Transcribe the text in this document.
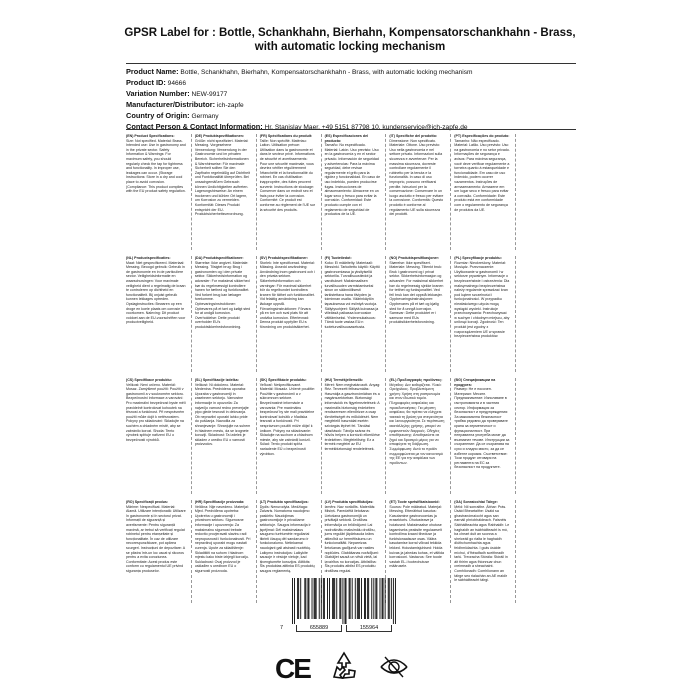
GPSR Label for : Bottle, Schankhahn, Bierhahn, Kompensatorschankhahn - Brass, with automatic locking mechanism
Product Name: Bottle, Schankhahn, Bierhahn, Kompensatorschankhahn - Brass, with automatic locking mechanism
Product ID: 94666
Variation Number: NEW-99177
Manufacturer/Distributor: ich-zapfe
Country of Origin: Germany
Contact Person & Contact Information: Hr. Stanislav Maer, +49 5151 87798 10, kundenservice@ich-zapfe.de
(EN) Product Specifications:
Size: Not specified. Material: Brass. Intended use: Use in gastronomy and in the private sector. Safety Information & Warnings: For maximum safety, you should regularly check the tap for tightness and functionality. In improper use, leakages can occur. (Storage Instructions: Store in a dry and cool place to avoid corrosion. (Compliance: This product complies with the EU product safety regulation.
(DE) Produktspezifikationen:
Größe: nicht spezifiziert. Material: Messing. Vorgesehene Verwendung: Verwendung in der Gastronomie und im privaten Bereich. Sicherheitsinformationen & Warnhinweise: Für maximale Sicherheit sollten Sie den Zapfhahn regelmäßig auf Dichtheit und Funktionalität überprüfen. Bei unsachgemäßem Gebrauch können Undichtigkeiten auftreten. Lagerungshinweise: An einem trockenen und kühlen Ort lagern, um Korrosion zu vermeiden. Konformität: Dieses Produkt entspricht der EU-Produktsicherheitsverordnung.
(FR) Spécifications du produit:
Taille: Non spécifié. Matériau: Laiton. Utilisation prévue: Utilisation dans la gastronomie et dans le secteur privé. Informations de sécurité et avertissements: Pour une sécurité maximale, vous devriez vérifier régulièrement l'étanchéité et la fonctionnalité du robinet. En cas d'utilisation inappropriée, des fuites peuvent survenir. Instructions de stockage: Conserver dans un endroit sec et frais pour éviter la corrosion. Conformité: Ce produit est conforme au règlement de l'UE sur la sécurité des produits.
(ES) Especificaciones del producto:
Tamaño: No especificado. Material: Latón. Uso previsto: Uso en la gastronomía y en el sector privado. Información de seguridad y advertencias: Para la máxima seguridad, debe revisar regularmente el grifo para la rigidez y funcionalidad. En caso de uso indebido, pueden producirse fugas. Instrucciones de almacenamiento: Almacene en un lugar seco y fresco para evitar la corrosión. Conformidad: Este producto cumple con el reglamento de seguridad de productos de la UE.
(IT) Specifiche del prodotto:
Dimensione: Non specificato. Materiale: Ottone. Uso previsto: Uso nella gastronomia e nel settore privato. Informazioni sulla sicurezza e avvertenze: Per la massima sicurezza, dovreste controllare regolarmente il rubinetto per la tenuta e la funzionalità. In caso di uso improprio, possono verificarsi perdite. Istruzioni per la conservazione: Conservare in un luogo asciutto e fresco per evitare la corrosione. Conformità: Questo prodotto è conforme al regolamento UE sulla sicurezza dei prodotti.
(PT) Especificações do produto:
Tamanho: Não especificado. Material: Latão. Uso previsto: Uso na gastronomia e no setor privado. Informações de segurança e avisos: Para máxima segurança, você deve verificar regularmente a torneira quanto à estanqueidade e funcionalidade. Em caso de uso indevido, podem ocorrer vazamentos. Instruções de armazenamento: Armazene em um lugar seco e fresco para evitar a corrosão. Conformidade: Este produto está em conformidade com o regulamento de segurança de produtos da UE.
(NL) Productspecificaties:
Maat: Niet gespecificeerd. Materiaal: Messing. Beoogd gebruik: Gebruik in de gastronomie en in de particuliere sector. Veiligheidsinformatie en waarschuwingen: Voor maximale veiligheid dient u regelmatig de kraan te controleren op dichtheid en functionaliteit. Bij onjuist gebruik kunnen lekkages optreden. Opslaginstructies: Bewaren op een droge en koele plaats om corrosie te voorkomen. Naleving: Dit product voldoet aan de EU-voorschriften voor productveiligheid.
(DA) Produktspecifikationer:
Størrelse: Ikke angivet. Materiale: Messing. Tilsigtet brug: Brug i gastronomien og i den private sektor. Sikkerhedsinformation og advarsler: For maksimal sikkerhed bør du regelmæssigt kontrollere hanen for tæthed og funktionalitet. Ved forkert brug kan lækager forekomme. Opbevaringsinstruktioner: Opbevares på et tørt og køligt sted for at undgå korrosion. Overholdelse: Dette produkt overholder EU's produktsikkerhedsforordning.
(SV) Produktspecifikationer:
Storlek: Inte specificerad. Material: Mässing. Avsedd användning: Användning inom gastronomi och i den privata sektorn. Säkerhetsinformation och varningar: För maximal säkerhet bör du regelbundet kontrollera kranen för täthet och funktionalitet. Vid felaktig användning kan läckage uppstå. Förvaringsinstruktioner: Förvara på en torr och sval plats för att undvika korrosion. Efterlevnad: Denna produkt uppfyller EU:s förordning om produktsäkerhet.
(FI) Tuotetiedot:
Koko: Ei määritelty. Materiaali: Messinki. Tarkoitettu käyttö: Käyttö gastronomiassa ja yksityisellä sektorilla. Turvallisuustiedot ja varoitukset: Maksimaalisen turvallisuuden varmistamiseksi sinun on säännöllisesti tarkistettava hana tiiviyden ja toiminnan osalta. Väärinkäytön tapauksessa voi esiintyä vuotoja. Säilytysohjeet: Säilytä kuivassa ja viileässä paikassa korroosion välttämiseksi. Yhdenmukaisuus: Tämä tuote vastaa EU:n tuoteturvallisuusasetusta.
(NO) Produktspesifikasjoner:
Størrelse: Ikke spesifisert. Materiale: Messing. Tiltenkt bruk: Bruk i gastronomi og i privat sektor. Sikkerhetsinformasjon og advarsler: For maksimal sikkerhet bør du regelmessig sjekke kranen for tetthet og funksjonalitet. Ved feil bruk kan det oppstå lekkasjer. Oppbevaringsinstruksjoner: Oppbevares på et tørt og kjølig sted for å unngå korrosjon. Samsvar: Dette produktet er i samsvar med EUs produktsikkerhetsforordning.
(PL) Specyfikacje produktu:
Rozmiar: Nieokreślony. Materiał: Mosiądz. Przeznaczenie: Użytkowanie w gastronomii i w sektorze prywatnym. Informacje o bezpieczeństwie i ostrzeżenia: Dla maksymalnego bezpieczeństwa należy regularnie sprawdzać kran pod kątem szczelności i funkcjonalności. W przypadku niewłaściwego użycia mogą wystąpić wycieki. Instrukcje przechowywania: Przechowywać w suchym i chłodnym miejscu, aby uniknąć korozji. Zgodność: Ten produkt jest zgodny z rozporządzeniem UE w sprawie bezpieczeństwa produktów.
(CS) Specifikace produktu:
Velikost: Není určeno. Materiál: Mosaz. Zamýšlené použití: Použití v gastronomii a v soukromém sektoru. Bezpečnostní informace a varování: Pro maximální bezpečnost byste měli pravidelně kontrolovat kohoutek na těsnost a funkčnost. Při nesprávném použití může dojít k netěsnostem. Pokyny pro skladování: Skladujte na suchém a chladném místě, aby se zabránilo korozi. Shoda: Tento výrobek splňuje nařízení EU o bezpečnosti výrobků.
(SL) Specifikacije izdelka:
Velikost: Ni določeno. Material: Medenina. Predvidena uporaba: Uporaba v gastronomiji in zasebnem sektorju. Varnostne informacije in opozorila: Za največjo varnost redno preverjajte pipo glede tesnosti in delovanja. Ob nepravilni uporabi lahko pride do puščanja. Navodila za shranjevanje: Shranjujte na suhem in hladnem mestu, da se izognete koroziji. Skladnost: Ta izdelek je skladen z uredbo EU o varnosti proizvodov.
(SK) Špecifikácie produktu:
Veľkosť: Nešpecifikované. Materiál: Mosadz. Určené použitie: Použitie v gastronómii a v súkromnom sektore. Bezpečnostné informácie a varovania: Pre maximálnu bezpečnosť by ste mali pravidelne kontrolovať kohútik z hľadiska tesnosti a funkčnosti. Pri nesprávnom použití môže dôjsť k únikom. Pokyny na skladovanie: Skladujte na suchom a chladnom mieste, aby ste zabránili korózii. Súlad: Tento produkt spĺňa nariadenie EÚ o bezpečnosti výrobkov.
(HU) Termékjellemzők:
Méret: Nem meghatározott. Anyag: Réz. Tervezett felhasználás: Használja a gasztronómiában és a magánszektorban. Biztonsági információk és figyelmeztetések: A maximális biztonság érdekében rendszeresen ellenőrizze a csap tömítettségét és működését. Nem megfelelő használat esetén szivárgás léphet fel. Tárolási utasítások: Tárolja száraz és hűvös helyen a korrózió elkerülése érdekében. Megfelelőség: Ez a termék megfelel az EU termékbiztonsági rendeletének.
(EL) Προδιαγραφές προϊόντος:
Μέγεθος: Δεν καθορίζεται. Υλικό: Ορείχαλκος. Προβλεπόμενη χρήση: Χρήση στη γαστρονομία και στον ιδιωτικό τομέα. Πληροφορίες ασφαλείας και προειδοποιήσεις: Για μέγιστη ασφάλεια, θα πρέπει να ελέγχετε τακτικά τη βρύση για στεγανότητα και λειτουργικότητα. Σε περίπτωση ακατάλληλης χρήσης, μπορεί να εμφανιστούν διαρροές. Οδηγίες αποθήκευσης: Αποθηκεύστε σε ξηρό και δροσερό μέρος για να αποφύγετε τη διάβρωση. Συμμόρφωση: Αυτό το προϊόν συμμορφώνεται με τον κανονισμό της ΕΕ για την ασφάλεια των προϊόντων.
(BG) Спецификации на продукта:
Размер: Не е посочен. Материал: Месинг. Предназначение: Използване в гастрономията и в частния сектор. Информация за безопасност и предупреждения: За максимална безопасност трябва редовно да проверявате крана за херметичност и функционалност. При неправилна употреба могат да възникнат течове. Инструкции за съхранение: Да се съхранява на сухо и хладно място, за да се избегне корозия. Съответствие: Този продукт отговаря на регламента на ЕС за безопасност на продуктите.
(RO) Specificații produs:
Mărime: Nespecificat. Material: Alamă. Utilizare intenționată: Utilizare în gastronomie și în sectorul privat. Informații de siguranță și avertismente: Pentru siguranță maximă, ar trebui să verificați regulat robinetul pentru etanșeitate și funcționalitate. În caz de utilizare necorespunzătoare, pot apărea scurgeri. Instrucțiuni de depozitare: A se păstra într-un loc uscat și răcoros pentru a evita coroziunea. Conformitate: Acest produs este conform cu regulamentul UE privind siguranța produselor.
(HR) Specifikacije proizvoda:
Veličina: Nije navedeno. Materijal: Mjed. Predviđena upotreba: Upotreba u gastronomiji i privatnom sektoru. Sigurnosne informacije i upozorenja: Za maksimalnu sigurnost trebate redovito provjeravati slavinu radi nepropusnosti i funkcionalnosti. Pri nepravilnoj uporabi mogu nastati curenja. Upute za skladištenje: Skladištiti na suhom i hladnom mjestu kako biste izbjegli koroziju. Sukladnost: Ovaj proizvod je usklađen s uredbom EU o sigurnosti proizvoda.
(LT) Produkto specifikacijos:
Dydis: Nenurodyta. Medžiaga: Žalvaris. Numatoma naudojimo paskirtis: Naudojimas gastronomijoje ir privačiame sektoriuje. Saugos informacija ir įspėjimai: Dėl maksimalaus saugumo turėtumėte reguliariai tikrinti čiaupą dėl sandarumo ir funkcionalumo. Netinkamai naudojant gali atsirasti nuotėkių. Laikymo instrukcijos: Laikykite sausoje ir vėsioje vietoje, kad išvengtumėte korozijos. Atitiktis: Šis produktas atitinka ES produktų saugos reglamentą.
(LV) Produkta specifikācijas:
Izmērs: Nav norādīts. Materiāls: Misiņš. Paredzētā lietošana: Lietošana gastronomijā un privātajā sektorā. Drošības informācija un brīdinājumi: Lai nodrošinātu maksimālu drošību, jums regulāri jāpārbauda krāns attiecībā uz hermētiskumu un funkcionalitāti. Nepareizas lietošanas gadījumā var rasties noplūdes. Glabāšanas norādījumi: Glabājiet sausā un vēsā vietā, lai izvairītos no korozijas. Atbilstība: Šis produkts atbilst ES produktu drošības regulai.
(ET) Toote spetsifikatsioonid:
Suurus: Pole määratud. Materjal: Messing. Ettenähtud kasutus: Kasutamine gastronoomias ja erasektoris. Ohutusteave ja hoiatused: Maksimaalse ohutuse tagamiseks peaksite regulaarselt kontrollima kraani tiheduse ja funktsionaalsuse osas. Väära kasutamise korral võivad tekkida lekked. Hoiustamisjuhised: Hoida kuivas ja jahedas kohas, et vältida korrosiooni. Vastavus: See toode vastab EL-i tooteohutuse määrusele.
(GA) Sonraíochtaí Táirge:
Méid: Níl sonraithe. Ábhar: Prás. Úsáid Bheartaithe: Úsáid sa ghastranómaíocht agus san earnáil phríobháideach. Faisnéis Sábháilteachta agus Rabhaidh: Le haghaidh an tsábháilteacht is mó, ba cheart duit an sconna a sheiceáil go rialta le haghaidh dlúthchumhachta agus feidhmiúlachta. I gcás úsáide míchuí, d'fhéadfadh sceitheadh tarlú. Treoracha Stórála: Stóráil in áit thirim agus fhionnuar chun creimeadh a sheachaint. Comhlíonadh: Comhlíonann an táirge seo rialachán an AE maidir le sábháilteacht táirgí.
7	655889	155964
CE
